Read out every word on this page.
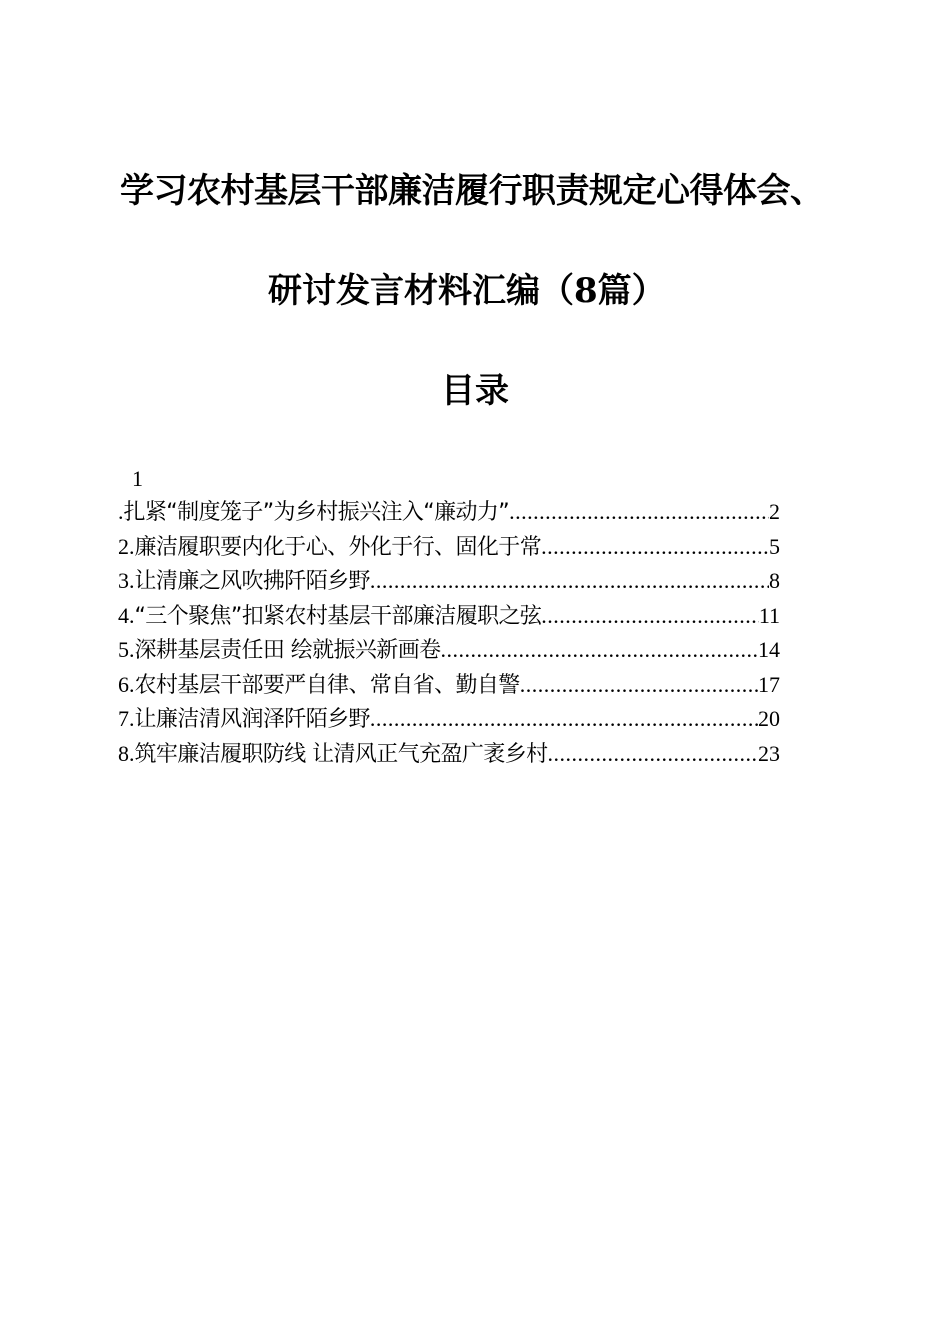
学习农村基层干部廉洁履行职责规定心得体会、
研讨发言材料汇编（8篇）
目录
1
. 扎紧“制度笼子”为乡村振兴注入“廉动力” .....	2
2. 廉洁履职要内化于心、外化于行、固化于常 .....	5
3. 让清廉之风吹拂阡陌乡野 .....	8
4. “三个聚焦”扣紧农村基层干部廉洁履职之弦 .....	11
5. 深耕基层责任田 绘就振兴新画卷 .....	14
6. 农村基层干部要严自律、常自省、勤自警 .....	17
7. 让廉洁清风润泽阡陌乡野 .....	20
8. 筑牢廉洁履职防线 让清风正气充盈广袤乡村 .....	23
